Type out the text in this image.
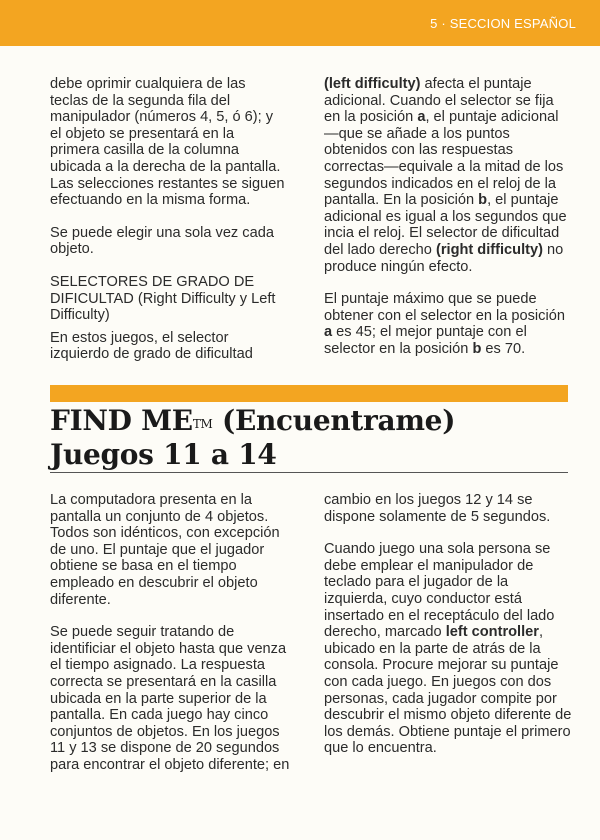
5 · SECCION ESPAÑOL

debe oprimir cualquiera de las teclas de la segunda fila del manipulador (números 4, 5, ó 6); y el objeto se presentará en la primera casilla de la columna ubicada a la derecha de la pantalla. Las selecciones restantes se siguen efectuando en la misma forma.

Se puede elegir una sola vez cada objeto.

SELECTORES DE GRADO DE DIFICULTAD (Right Difficulty y Left Difficulty)

En estos juegos, el selector izquierdo de grado de dificultad

(left difficulty) afecta el puntaje adicional. Cuando el selector se fija en la posición a, el puntaje adicional—que se añade a los puntos obtenidos con las respuestas correctas—equivale a la mitad de los segundos indicados en el reloj de la pantalla. En la posición b, el puntaje adicional es igual a los segundos que incia el reloj. El selector de dificultad del lado derecho (right difficulty) no produce ningún efecto.

El puntaje máximo que se puede obtener con el selector en la posición a es 45; el mejor puntaje con el selector en la posición b es 70.

FIND ME™ (Encuentrame)
Juegos 11 a 14

La computadora presenta en la pantalla un conjunto de 4 objetos. Todos son idénticos, con excepción de uno. El puntaje que el jugador obtiene se basa en el tiempo empleado en descubrir el objeto diferente.

Se puede seguir tratando de identificiar el objeto hasta que venza el tiempo asignado. La respuesta correcta se presentará en la casilla ubicada en la parte superior de la pantalla. En cada juego hay cinco conjuntos de objetos. En los juegos 11 y 13 se dispone de 20 segundos para encontrar el objeto diferente; en

cambio en los juegos 12 y 14 se dispone solamente de 5 segundos.

Cuando juego una sola persona se debe emplear el manipulador de teclado para el jugador de la izquierda, cuyo conductor está insertado en el receptáculo del lado derecho, marcado left controller, ubicado en la parte de atrás de la consola. Procure mejorar su puntaje con cada juego. En juegos con dos personas, cada jugador compite por descubrir el mismo objeto diferente de los demás. Obtiene puntaje el primero que lo encuentra.
